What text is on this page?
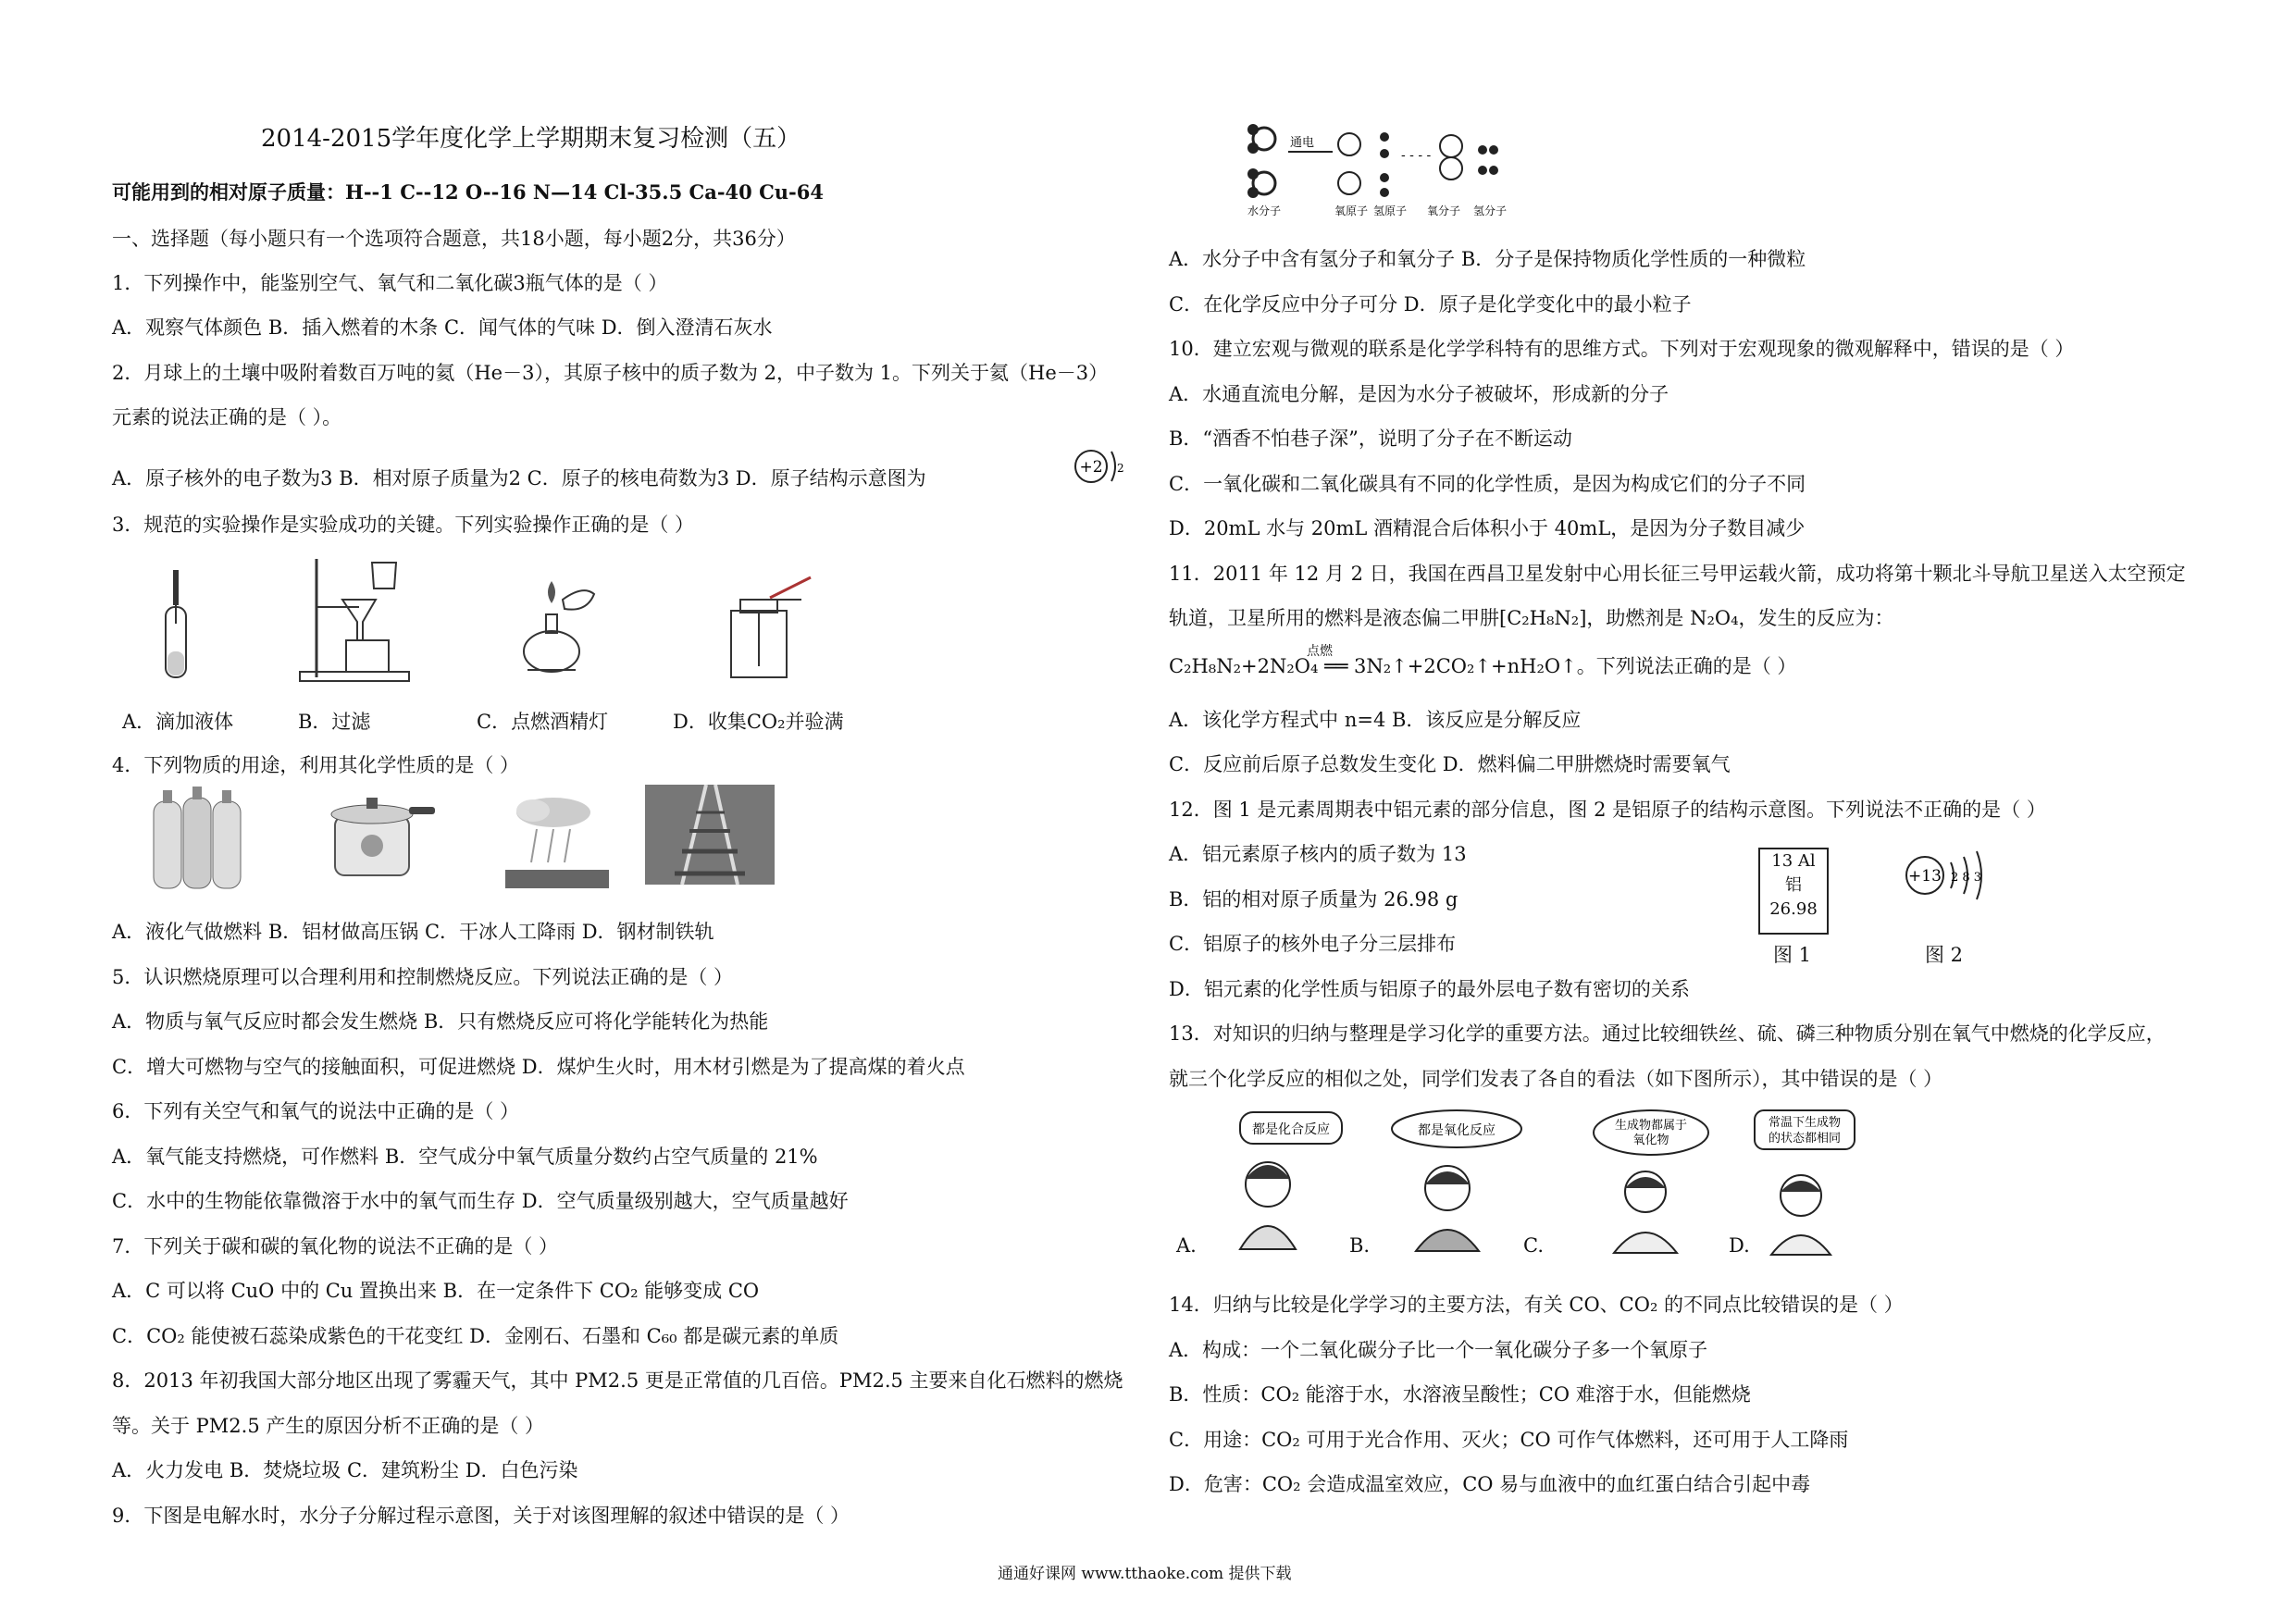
2014-2015学年度化学上学期期末复习检测（五）
可能用到的相对原子质量：H--1 C--12 O--16 N—14 Cl-35.5 Ca-40 Cu-64
一、选择题（每小题只有一个选项符合题意，共18小题，每小题2分，共36分）
1．下列操作中，能鉴别空气、氧气和二氧化碳3瓶气体的是（ ）
A．观察气体颜色 B．插入燃着的木条 C．闻气体的气味 D．倒入澄清石灰水
2．月球上的土壤中吸附着数百万吨的氦（He－3），其原子核中的质子数为 2，中子数为 1。下列关于氦（He－3）
元素的说法正确的是（ ）。
A．原子核外的电子数为3 B．相对原子质量为2 C．原子的核电荷数为3 D．原子结构示意图为	+2 2
3．规范的实验操作是实验成功的关键。下列实验操作正确的是（ ）
A．滴加液体	B．过滤	C．点燃酒精灯	D．收集CO₂并验满
4．下列物质的用途，利用其化学性质的是（ ）
A．液化气做燃料 B．铝材做高压锅 C．干冰人工降雨 D．钢材制铁轨
5．认识燃烧原理可以合理利用和控制燃烧反应。下列说法正确的是（ ）
A．物质与氧气反应时都会发生燃烧 B．只有燃烧反应可将化学能转化为热能
C．增大可燃物与空气的接触面积，可促进燃烧 D．煤炉生火时，用木材引燃是为了提高煤的着火点
6．下列有关空气和氧气的说法中正确的是（ ）
A．氧气能支持燃烧，可作燃料 B．空气成分中氧气质量分数约占空气质量的 21%
C．水中的生物能依靠微溶于水中的氧气而生存 D．空气质量级别越大，空气质量越好
7．下列关于碳和碳的氧化物的说法不正确的是（ ）
A．C 可以将 CuO 中的 Cu 置换出来 B．在一定条件下 CO₂ 能够变成 CO
C．CO₂ 能使被石蕊染成紫色的干花变红 D．金刚石、石墨和 C₆₀ 都是碳元素的单质
8．2013 年初我国大部分地区出现了雾霾天气，其中 PM2.5 更是正常值的几百倍。PM2.5 主要来自化石燃料的燃烧
等。关于 PM2.5 产生的原因分析不正确的是（ ）
A．火力发电 B．焚烧垃圾 C．建筑粉尘 D．白色污染
9．下图是电解水时，水分子分解过程示意图，关于对该图理解的叙述中错误的是（ ）
通电
- - - -
水分子	氧原子 氢原子 氧分子 氢分子
A．水分子中含有氢分子和氧分子 B．分子是保持物质化学性质的一种微粒
C．在化学反应中分子可分 D．原子是化学变化中的最小粒子
10．建立宏观与微观的联系是化学学科特有的思维方式。下列对于宏观现象的微观解释中，错误的是（ ）
A．水通直流电分解，是因为水分子被破坏，形成新的分子
B．“酒香不怕巷子深”，说明了分子在不断运动
C．一氧化碳和二氧化碳具有不同的化学性质，是因为构成它们的分子不同
D．20mL 水与 20mL 酒精混合后体积小于 40mL，是因为分子数目减少
11．2011 年 12 月 2 日，我国在西昌卫星发射中心用长征三号甲运载火箭，成功将第十颗北斗导航卫星送入太空预定
轨道，卫星所用的燃料是液态偏二甲肼[C₂H₈N₂]，助燃剂是 N₂O₄，发生的反应为：
点燃
C₂H₈N₂+2N₂O₄ ══ 3N₂↑+2CO₂↑+nH₂O↑。下列说法正确的是（ ）
A．该化学方程式中 n=4 B．该反应是分解反应
C．反应前后原子总数发生变化 D．燃料偏二甲肼燃烧时需要氧气
12．图 1 是元素周期表中铝元素的部分信息，图 2 是铝原子的结构示意图。下列说法不正确的是（ ）
A．铝元素原子核内的质子数为 13
B．铝的相对原子质量为 26.98 g
C．铝原子的核外电子分三层排布
D．铝元素的化学性质与铝原子的最外层电子数有密切的关系
13 Al
铝
26.98
+13 2 8 3
图 1	图 2
13．对知识的归纳与整理是学习化学的重要方法。通过比较细铁丝、硫、磷三种物质分别在氧气中燃烧的化学反应，
就三个化学反应的相似之处，同学们发表了各自的看法（如下图所示），其中错误的是（ ）
都是化合反应	都是氧化反应	生成物都属于
氧化物
常温下生成物
的状态都相同
A.	B.	C.	D.
14．归纳与比较是化学学习的主要方法，有关 CO、CO₂ 的不同点比较错误的是（ ）
A．构成：一个二氧化碳分子比一个一氧化碳分子多一个氧原子
B．性质：CO₂ 能溶于水，水溶液呈酸性；CO 难溶于水，但能燃烧
C．用途：CO₂ 可用于光合作用、灭火；CO 可作气体燃料，还可用于人工降雨
D．危害：CO₂ 会造成温室效应，CO 易与血液中的血红蛋白结合引起中毒
通通好课网 www.tthaoke.com 提供下载
